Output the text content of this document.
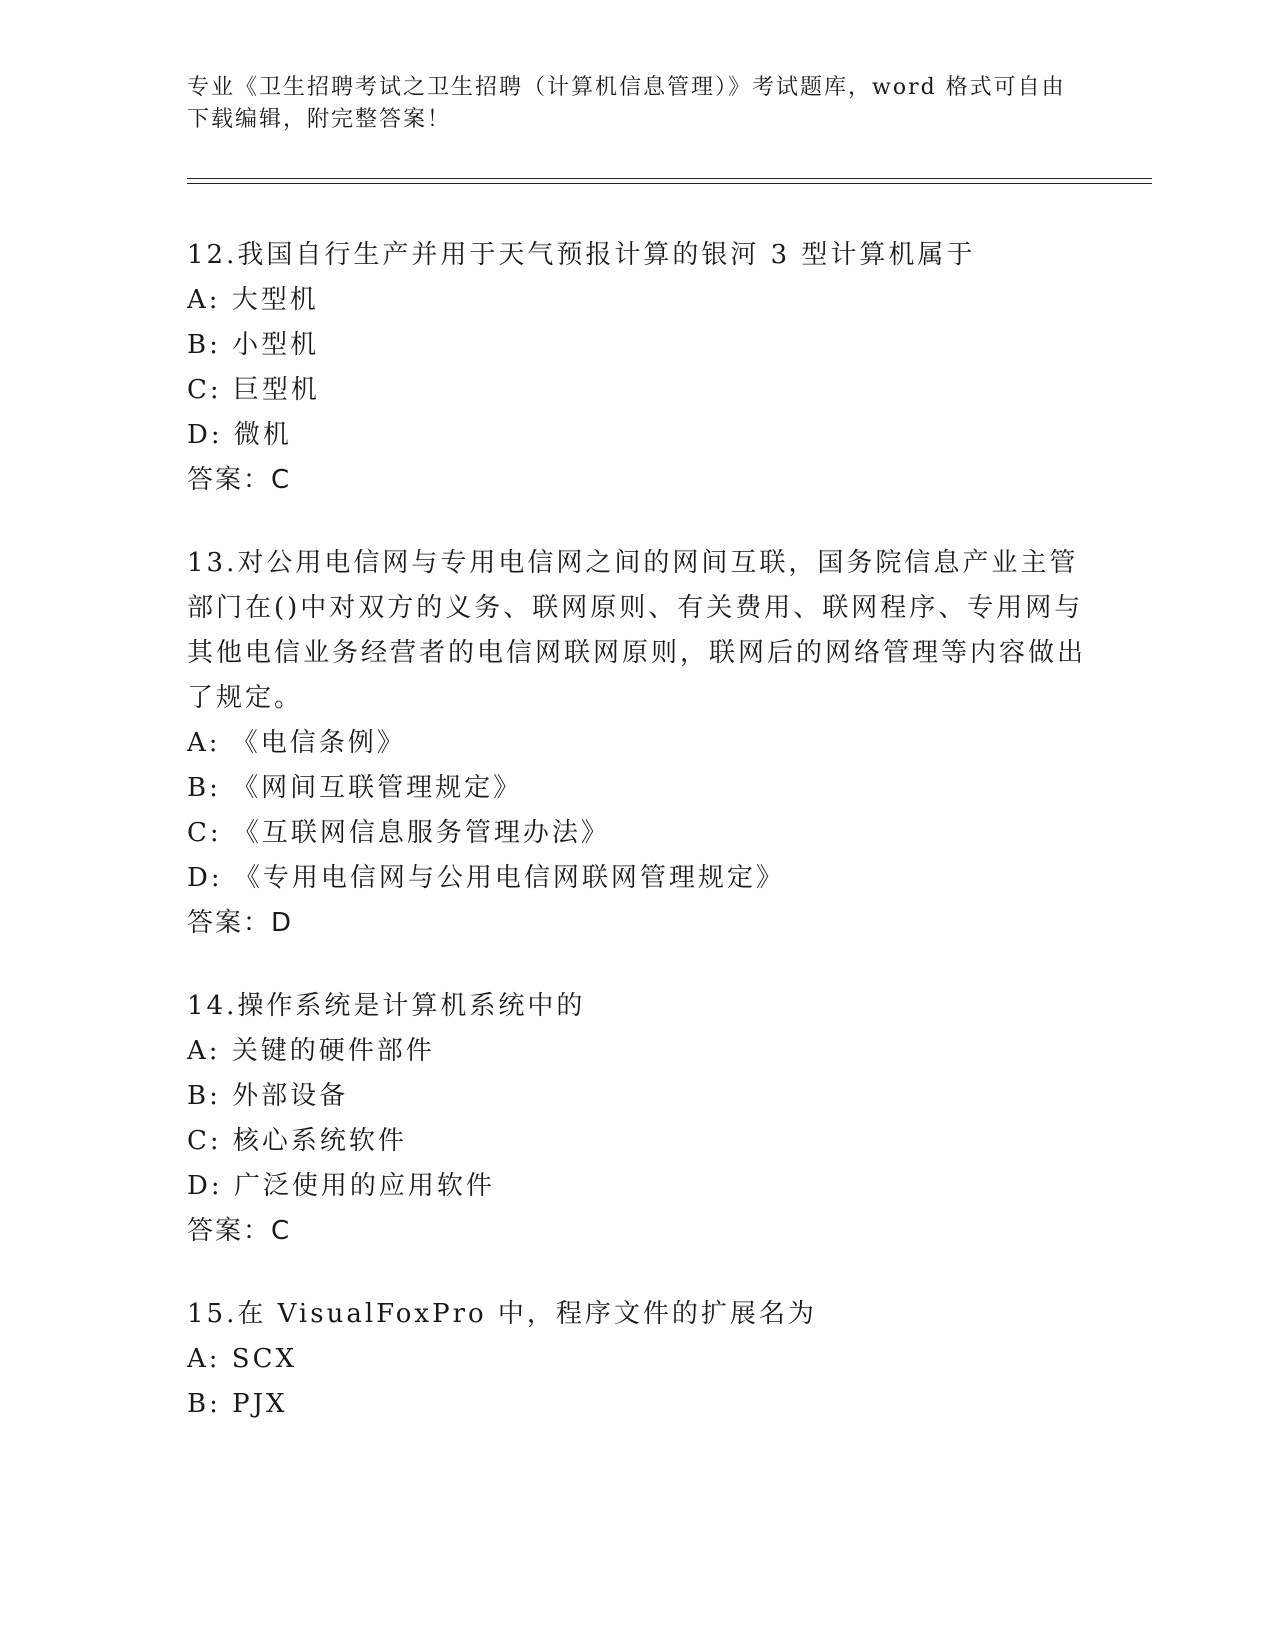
专业《卫生招聘考试之卫生招聘（计算机信息管理）》考试题库，word 格式可自由下载编辑，附完整答案！
12.我国自行生产并用于天气预报计算的银河 3 型计算机属于
A: 大型机
B: 小型机
C: 巨型机
D: 微机
答案：C
13.对公用电信网与专用电信网之间的网间互联，国务院信息产业主管部门在()中对双方的义务、联网原则、有关费用、联网程序、专用网与其他电信业务经营者的电信网联网原则，联网后的网络管理等内容做出了规定。
A: 《电信条例》
B: 《网间互联管理规定》
C: 《互联网信息服务管理办法》
D: 《专用电信网与公用电信网联网管理规定》
答案：D
14.操作系统是计算机系统中的
A: 关键的硬件部件
B: 外部设备
C: 核心系统软件
D: 广泛使用的应用软件
答案：C
15.在 VisualFoxPro 中，程序文件的扩展名为
A: SCX
B: PJX
